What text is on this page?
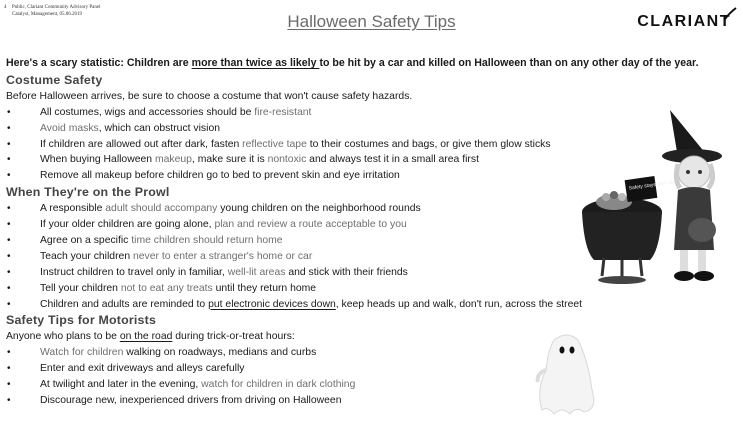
4 Public, Clariant Community Advisory Panel
Catalyst, Management, 05.06.2019	Halloween Safety Tips	CLARIANT
Here's a scary statistic: Children are more than twice as likely to be hit by a car and killed on Halloween than on any other day of the year.
Costume Safety
Before Halloween arrives, be sure to choose a costume that won't cause safety hazards.
• All costumes, wigs and accessories should be fire-resistant
• Avoid masks, which can obstruct vision
• If children are allowed out after dark, fasten reflective tape to their costumes and bags, or give them glow sticks
• When buying Halloween makeup, make sure it is nontoxic and always test it in a small area first
• Remove all makeup before children go to bed to prevent skin and eye irritation
When They're on the Prowl
• A responsible adult should accompany young children on the neighborhood rounds
• If your older children are going alone, plan and review a route acceptable to you
• Agree on a specific time children should return home
• Teach your children never to enter a stranger's home or car
• Instruct children to travel only in familiar, well-lit areas and stick with their friends
• Tell your children not to eat any treats until they return home
• Children and adults are reminded to put electronic devices down, keep heads up and walk, don't run, across the street
Safety Tips for Motorists
Anyone who plans to be on the road during trick-or-treat hours:
• Watch for children walking on roadways, medians and curbs
• Enter and exit driveways and alleys carefully
• At twilight and later in the evening, watch for children in dark clothing
• Discourage new, inexperienced drivers from driving on Halloween
Safety stays after dark
